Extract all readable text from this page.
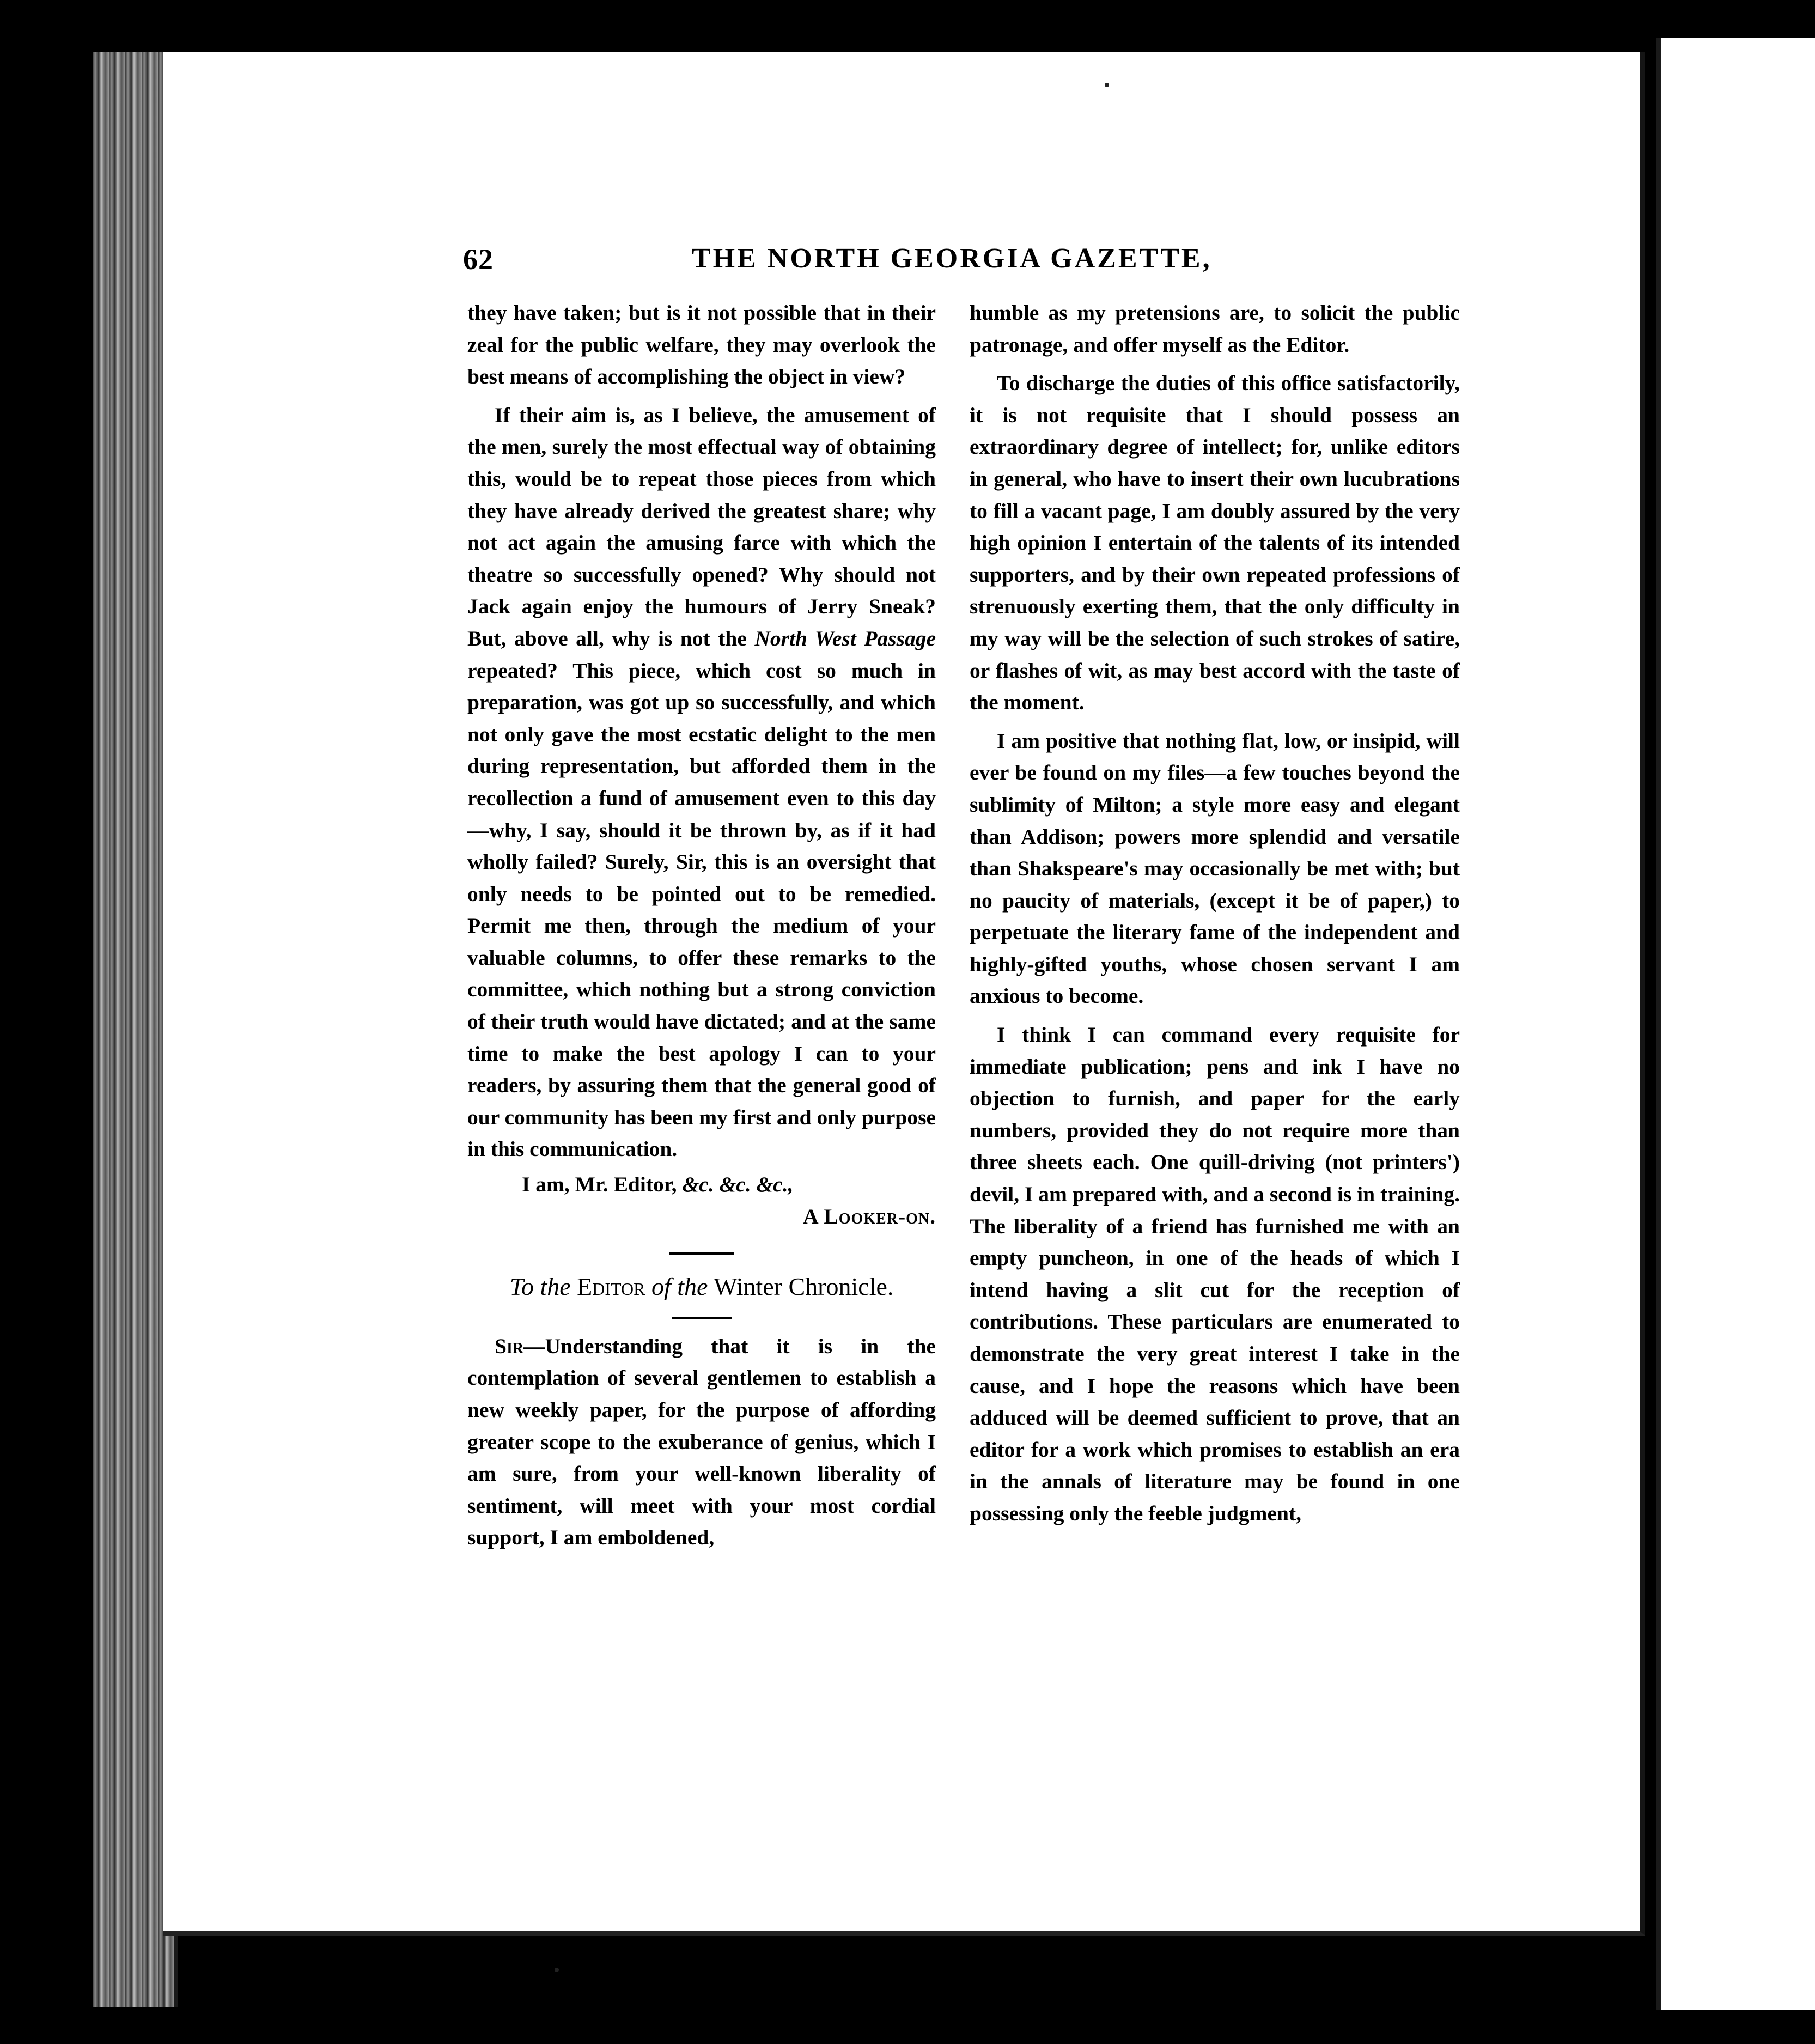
62	THE NORTH GEORGIA GAZETTE,

they have taken; but is it not possible that in their zeal for the public welfare, they may overlook the best means of accomplishing the object in view?

If their aim is, as I believe, the amusement of the men, surely the most effectual way of obtaining this, would be to repeat those pieces from which they have already derived the greatest share; why not act again the amusing farce with which the theatre so successfully opened? Why should not Jack again enjoy the humours of Jerry Sneak? But, above all, why is not the North West Passage repeated? This piece, which cost so much in preparation, was got up so successfully, and which not only gave the most ecstatic delight to the men during representation, but afforded them in the recollection a fund of amusement even to this day—why, I say, should it be thrown by, as if it had wholly failed? Surely, Sir, this is an oversight that only needs to be pointed out to be remedied. Permit me then, through the medium of your valuable columns, to offer these remarks to the committee, which nothing but a strong conviction of their truth would have dictated; and at the same time to make the best apology I can to your readers, by assuring them that the general good of our community has been my first and only purpose in this communication.

I am, Mr. Editor, &c. &c. &c.,

A Looker-on.

To the Editor of the Winter Chronicle.

Sir—Understanding that it is in the contemplation of several gentlemen to establish a new weekly paper, for the purpose of affording greater scope to the exuberance of genius, which I am sure, from your well-known liberality of sentiment, will meet with your most cordial support, I am emboldened,

humble as my pretensions are, to solicit the public patronage, and offer myself as the Editor.

To discharge the duties of this office satisfactorily, it is not requisite that I should possess an extraordinary degree of intellect; for, unlike editors in general, who have to insert their own lucubrations to fill a vacant page, I am doubly assured by the very high opinion I entertain of the talents of its intended supporters, and by their own repeated professions of strenuously exerting them, that the only difficulty in my way will be the selection of such strokes of satire, or flashes of wit, as may best accord with the taste of the moment.

I am positive that nothing flat, low, or insipid, will ever be found on my files—a few touches beyond the sublimity of Milton; a style more easy and elegant than Addison; powers more splendid and versatile than Shakspeare's may occasionally be met with; but no paucity of materials, (except it be of paper,) to perpetuate the literary fame of the independent and highly-gifted youths, whose chosen servant I am anxious to become.

I think I can command every requisite for immediate publication; pens and ink I have no objection to furnish, and paper for the early numbers, provided they do not require more than three sheets each. One quill-driving (not printers') devil, I am prepared with, and a second is in training. The liberality of a friend has furnished me with an empty puncheon, in one of the heads of which I intend having a slit cut for the reception of contributions. These particulars are enumerated to demonstrate the very great interest I take in the cause, and I hope the reasons which have been adduced will be deemed sufficient to prove, that an editor for a work which promises to establish an era in the annals of literature may be found in one possessing only the feeble judgment,
